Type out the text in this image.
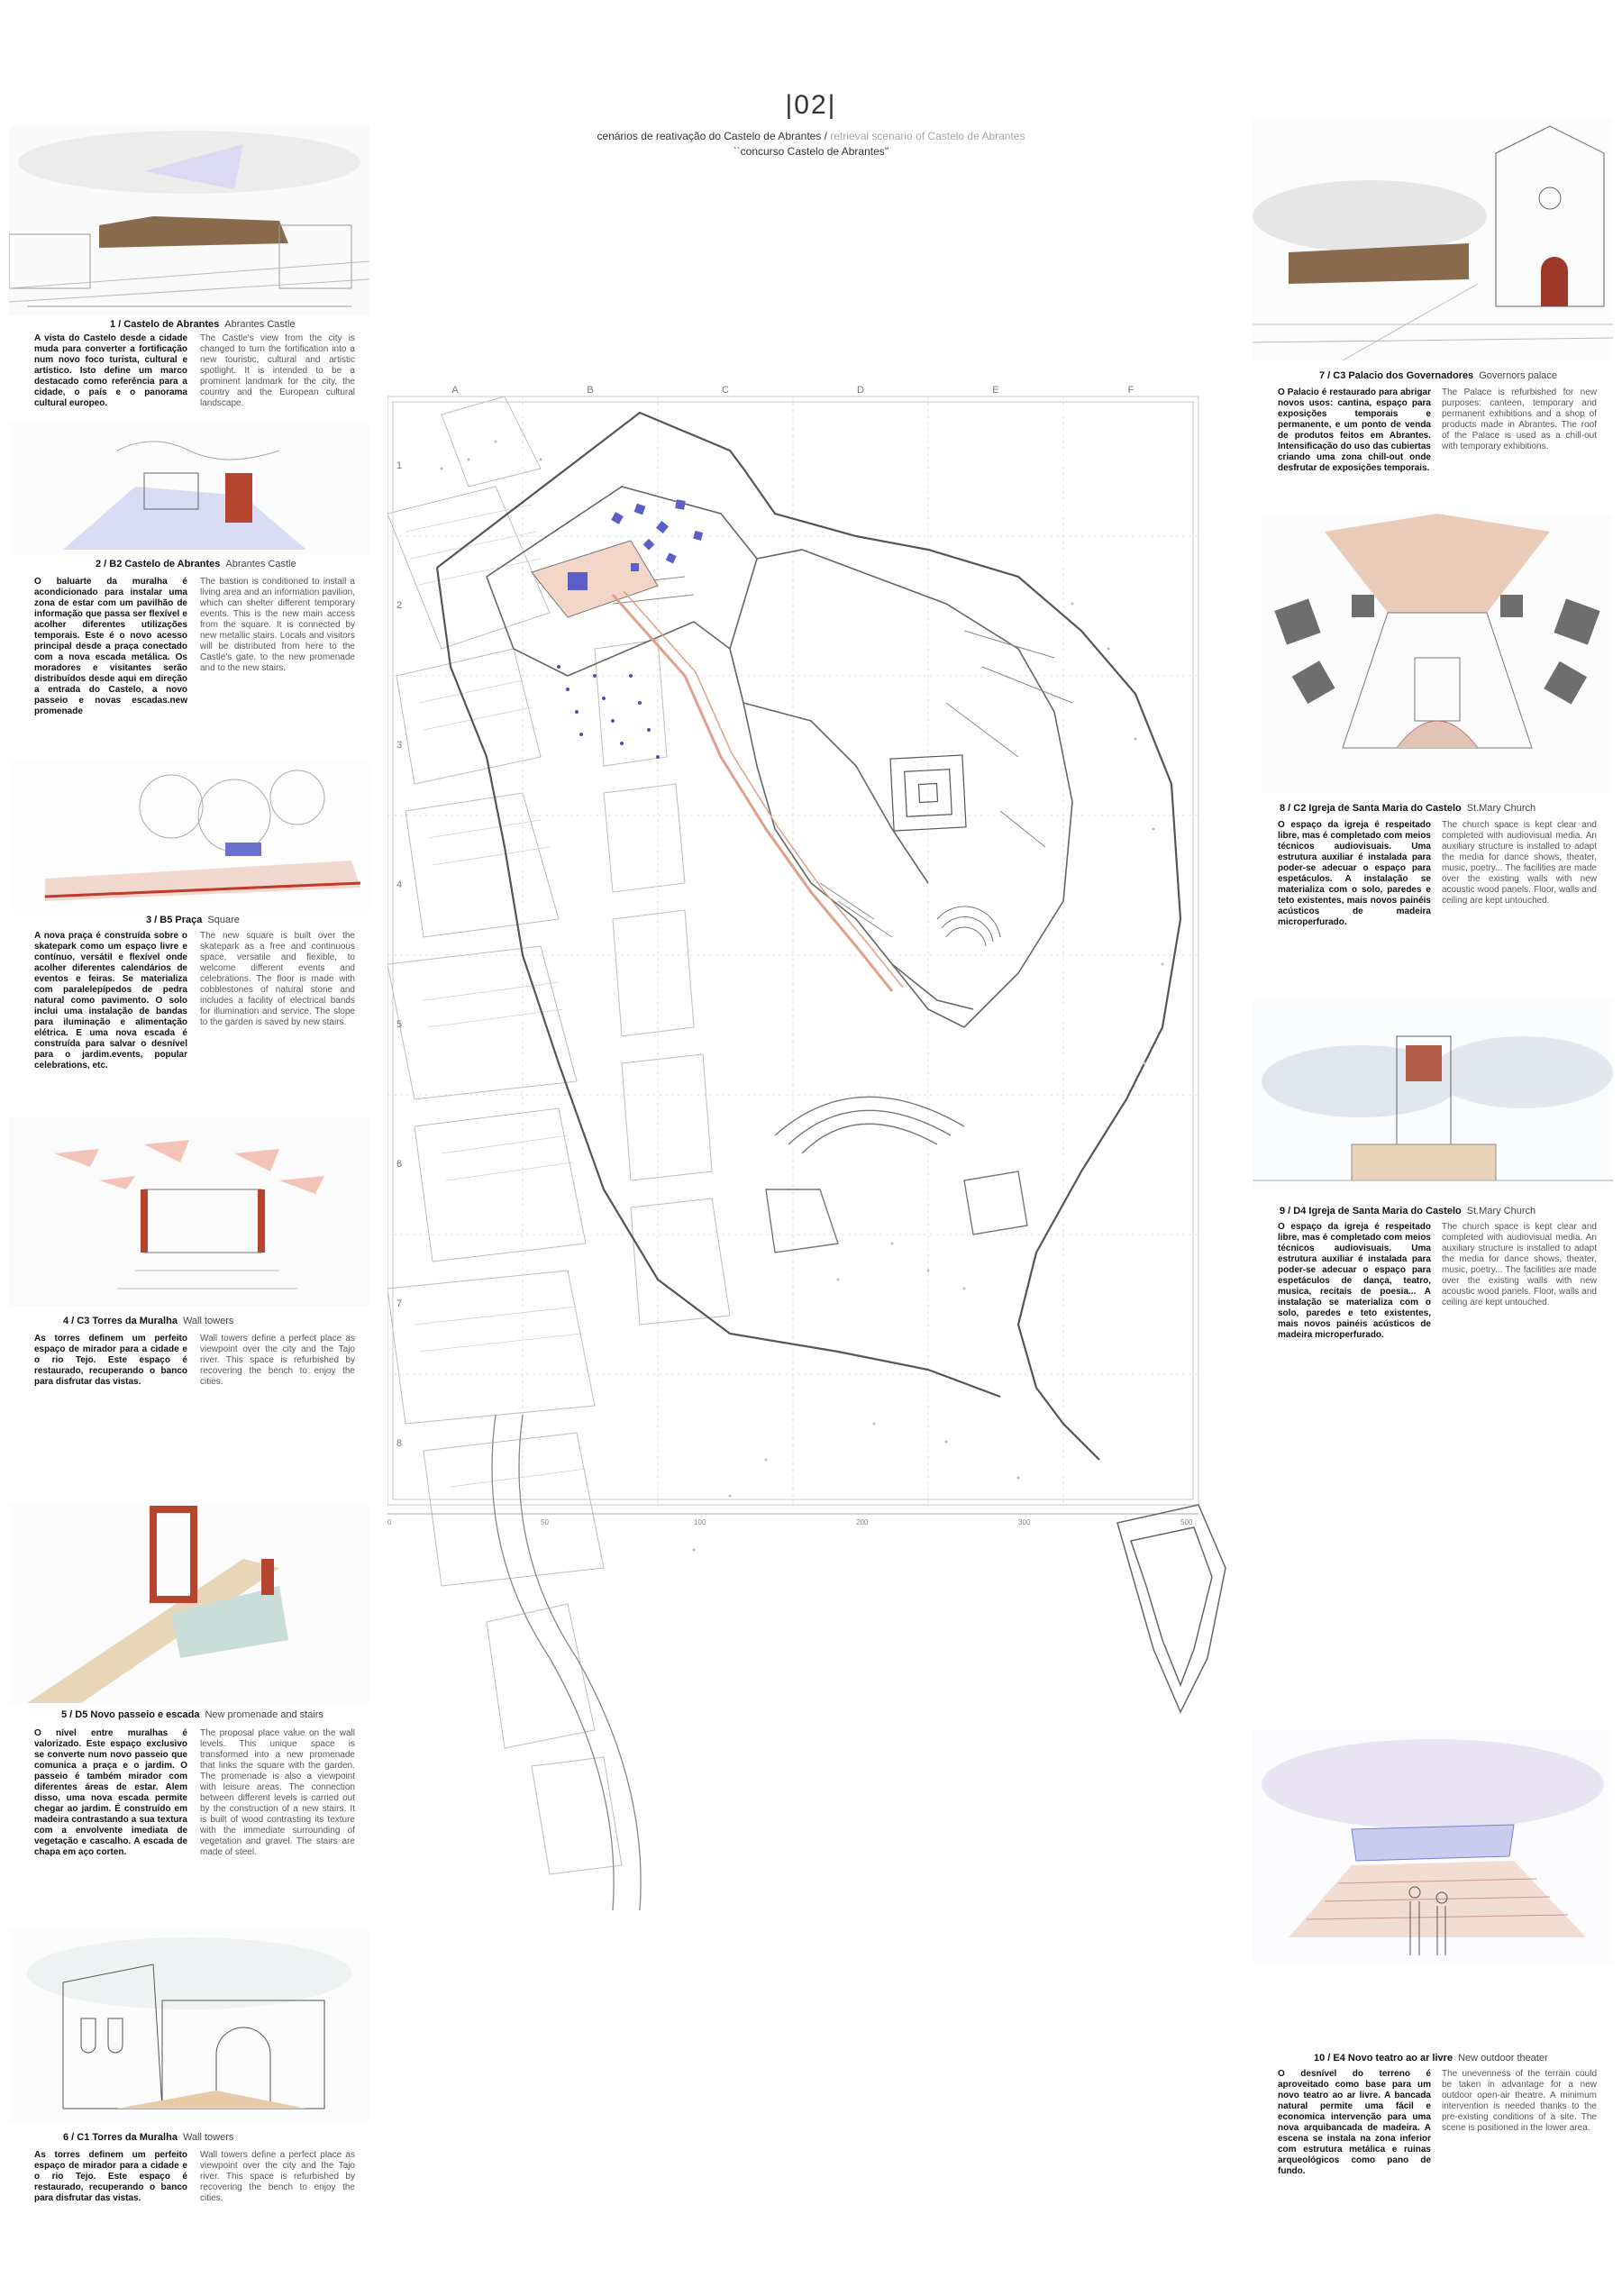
|02|
cenários de reativação do Castelo de Abrantes / retrieval scenario of Castelo de Abrantes
``concurso Castelo de Abrantes''
A	B	C	D	E	F
1
2
3
4
5
6
7
8
0	50	100	200	300	500
1 / Castelo de Abrantes Abrantes Castle
A vista do Castelo desde a cidade muda para converter a fortificação num novo foco turista, cultural e artístico. Isto define um marco destacado como referência para a cidade, o país e o panorama cultural europeo.
The Castle's view from the city is changed to turn the fortification into a new touristic, cultural and artistic spotlight. It is intended to be a prominent landmark for the city, the country and the European cultural landscape.
2 / B2 Castelo de Abrantes Abrantes Castle
O baluarte da muralha é acondicionado para instalar uma zona de estar com um pavilhão de informação que passa ser flexível e acolher diferentes utilizações temporais. Este é o novo acesso principal desde a praça conectado com a nova escada metálica. Os moradores e visitantes serão distribuídos desde aqui em direção a entrada do Castelo, a novo passeio e novas escadas.new promenade
The bastion is conditioned to install a living area and an information pavilion, which can shelter different temporary events. This is the new main access from the square. It is connected by new metallic stairs. Locals and visitors will be distributed from here to the Castle's gate, to the new promenade and to the new stairs.
3 / B5 Praça Square
A nova praça é construída sobre o skatepark como um espaço livre e contínuo, versátil e flexível onde acolher diferentes calendários de eventos e feiras. Se materializa com paralelepípedos de pedra natural como pavimento. O solo inclui uma instalação de bandas para iluminação e alimentação elétrica. E uma nova escada é construída para salvar o desnível para o jardim.events, popular celebrations, etc.
The new square is built over the skatepark as a free and continuous space, versatile and flexible, to welcome different events and celebrations. The floor is made with cobblestones of natural stone and includes a facility of electrical bands for illumination and service. The slope to the garden is saved by new stairs.
4 / C3 Torres da Muralha Wall towers
As torres definem um perfeito espaço de mirador para a cidade e o rio Tejo. Este espaço é restaurado, recuperando o banco para disfrutar das vistas.
Wall towers define a perfect place as viewpoint over the city and the Tajo river. This space is refurbished by recovering the bench to enjoy the cities.
5 / D5 Novo passeio e escada New promenade and stairs
O nível entre muralhas é valorizado. Este espaço exclusivo se converte num novo passeio que comunica a praça e o jardim. O passeio é também mirador com diferentes áreas de estar. Alem disso, uma nova escada permite chegar ao jardim. É construído em madeira contrastando a sua textura com a envolvente imediata de vegetação e cascalho. A escada de chapa em aço corten.
The proposal place value on the wall levels. This unique space is transformed into a new promenade that links the square with the garden. The promenade is also a viewpoint with leisure areas. The connection between different levels is carried out by the construction of a new stairs. It is built of wood contrasting its texture with the immediate surrounding of vegetation and gravel. The stairs are made of steel.
6 / C1 Torres da Muralha Wall towers
As torres definem um perfeito espaço de mirador para a cidade e o rio Tejo. Este espaço é restaurado, recuperando o banco para disfrutar das vistas.
Wall towers define a perfect place as viewpoint over the city and the Tajo river. This space is refurbished by recovering the bench to enjoy the cities.
7 / C3 Palacio dos Governadores Governors palace
O Palacio é restaurado para abrigar novos usos: cantina, espaço para exposições temporais e permanente, e um ponto de venda de produtos feitos em Abrantes. Intensificação do uso das cubiertas criando uma zona chill-out onde desfrutar de exposições temporais.
The Palace is refurbished for new purposes: canteen, temporary and permanent exhibitions and a shop of products made in Abrantes. The roof of the Palace is used as a chill-out with temporary exhibitions.
8 / C2 Igreja de Santa Maria do Castelo St.Mary Church
O espaço da igreja é respeitado libre, mas é completado com meios técnicos audiovisuais. Uma estrutura auxiliar é instalada para poder-se adecuar o espaço para espetáculos. A instalação se materializa com o solo, paredes e teto existentes, mais novos painéis acústicos de madeira microperfurado.
The church space is kept clear and completed with audiovisual media. An auxiliary structure is installed to adapt the media for dance shows, theater, music, poetry... The facilities are made over the existing walls with new acoustic wood panels. Floor, walls and ceiling are kept untouched.
9 / D4 Igreja de Santa Maria do Castelo St.Mary Church
O espaço da igreja é respeitado libre, mas é completado com meios técnicos audiovisuais. Uma estrutura auxiliar é instalada para poder-se adecuar o espaço para espetáculos de dança, teatro, musica, recitais de poesia... A instalação se materializa com o solo, paredes e teto existentes, mais novos painéis acústicos de madeira microperfurado.
The church space is kept clear and completed with audiovisual media. An auxiliary structure is installed to adapt the media for dance shows, theater, music, poetry... The facilities are made over the existing walls with new acoustic wood panels. Floor, walls and ceiling are kept untouched.
10 / E4 Novo teatro ao ar livre New outdoor theater
O desnível do terreno é aproveitado como base para um novo teatro ao ar livre. A bancada natural permite uma fácil e economica intervenção para uma nova arquibancada de madeira. A escena se instala na zona inferior com estrutura metálica e ruinas arqueológicos como pano de fundo.
The unevenness of the terrain could be taken in advantage for a new outdoor open-air theatre. A minimum intervention is needed thanks to the pre-existing conditions of a site. The scene is positioned in the lower area.
